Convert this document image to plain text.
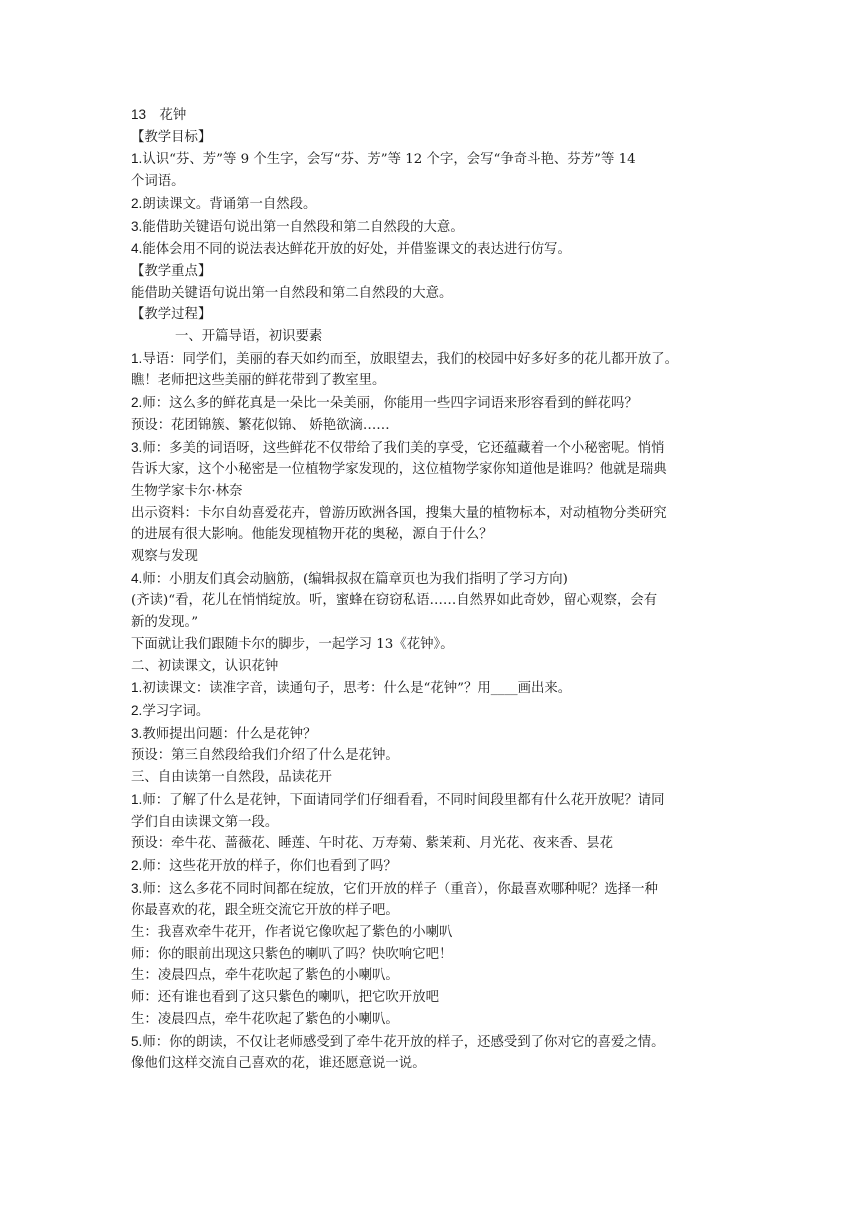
13　花钟
【教学目标】
1.认识“芬、芳”等 9 个生字，会写“芬、芳”等 12 个字，会写“争奇斗艳、芬芳”等 14
个词语。
2.朗读课文。背诵第一自然段。
3.能借助关键语句说出第一自然段和第二自然段的大意。
4.能体会用不同的说法表达鲜花开放的好处，并借鉴课文的表达进行仿写。
【教学重点】
能借助关键语句说出第一自然段和第二自然段的大意。
【教学过程】
一、开篇导语，初识要素
1.导语：同学们，美丽的春天如约而至，放眼望去，我们的校园中好多好多的花儿都开放了。
瞧！老师把这些美丽的鲜花带到了教室里。
2.师：这么多的鲜花真是一朵比一朵美丽，你能用一些四字词语来形容看到的鲜花吗？
预设：花团锦簇、繁花似锦、 娇艳欲滴……
3.师：多美的词语呀，这些鲜花不仅带给了我们美的享受，它还蕴藏着一个小秘密呢。悄悄
告诉大家，这个小秘密是一位植物学家发现的，这位植物学家你知道他是谁吗？他就是瑞典
生物学家卡尔·林奈
出示资料：卡尔自幼喜爱花卉，曾游历欧洲各国，搜集大量的植物标本，对动植物分类研究
的进展有很大影响。他能发现植物开花的奥秘，源自于什么？
观察与发现
4.师：小朋友们真会动脑筋，(编辑叔叔在篇章页也为我们指明了学习方向)
(齐读)“看，花儿在悄悄绽放。听，蜜蜂在窃窃私语……自然界如此奇妙，留心观察，会有
新的发现。”
下面就让我们跟随卡尔的脚步，一起学习 13《花钟》。
二、初读课文，认识花钟
1.初读课文：读准字音，读通句子，思考：什么是“花钟”？用____画出来。
2.学习字词。
3.教师提出问题：什么是花钟？
预设：第三自然段给我们介绍了什么是花钟。
三、自由读第一自然段，品读花开
1.师：了解了什么是花钟，下面请同学们仔细看看，不同时间段里都有什么花开放呢？请同
学们自由读课文第一段。
预设：牵牛花、蔷薇花、睡莲、午时花、万寿菊、紫茉莉、月光花、夜来香、昙花
2.师：这些花开放的样子，你们也看到了吗？
3.师：这么多花不同时间都在绽放，它们开放的样子（重音），你最喜欢哪种呢？选择一种
你最喜欢的花，跟全班交流它开放的样子吧。
生：我喜欢牵牛花开，作者说它像吹起了紫色的小喇叭
师：你的眼前出现这只紫色的喇叭了吗？快吹响它吧！
生：凌晨四点，牵牛花吹起了紫色的小喇叭。
师：还有谁也看到了这只紫色的喇叭，把它吹开放吧
生：凌晨四点，牵牛花吹起了紫色的小喇叭。
5.师：你的朗读，不仅让老师感受到了牵牛花开放的样子，还感受到了你对它的喜爱之情。
像他们这样交流自己喜欢的花，谁还愿意说一说。
